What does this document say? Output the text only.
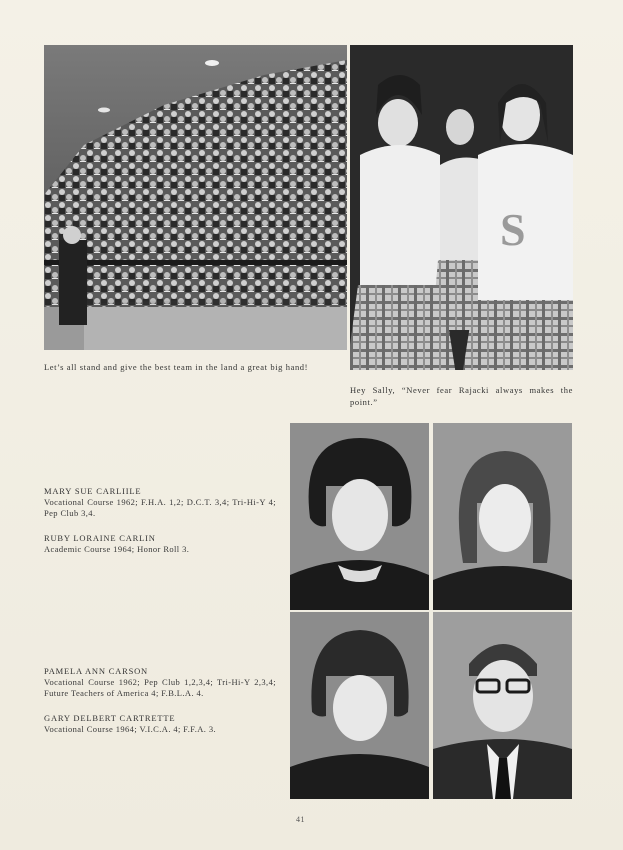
S
Let’s all stand and give the best team in the land a great big hand!
Hey Sally, “Never fear Rajacki always makes the point.”
MARY SUE CARLIILE
Vocational Course 1962; F.H.A. 1,2; D.C.T. 3,4; Tri-Hi-Y 4; Pep Club 3,4.
RUBY LORAINE CARLIN
Academic Course 1964; Honor Roll 3.
PAMELA ANN CARSON
Vocational Course 1962; Pep Club 1,2,3,4; Tri-Hi-Y 2,3,4; Future Teachers of America 4; F.B.L.A. 4.
GARY DELBERT CARTRETTE
Vocational Course 1964; V.I.C.A. 4; F.F.A. 3.
41
